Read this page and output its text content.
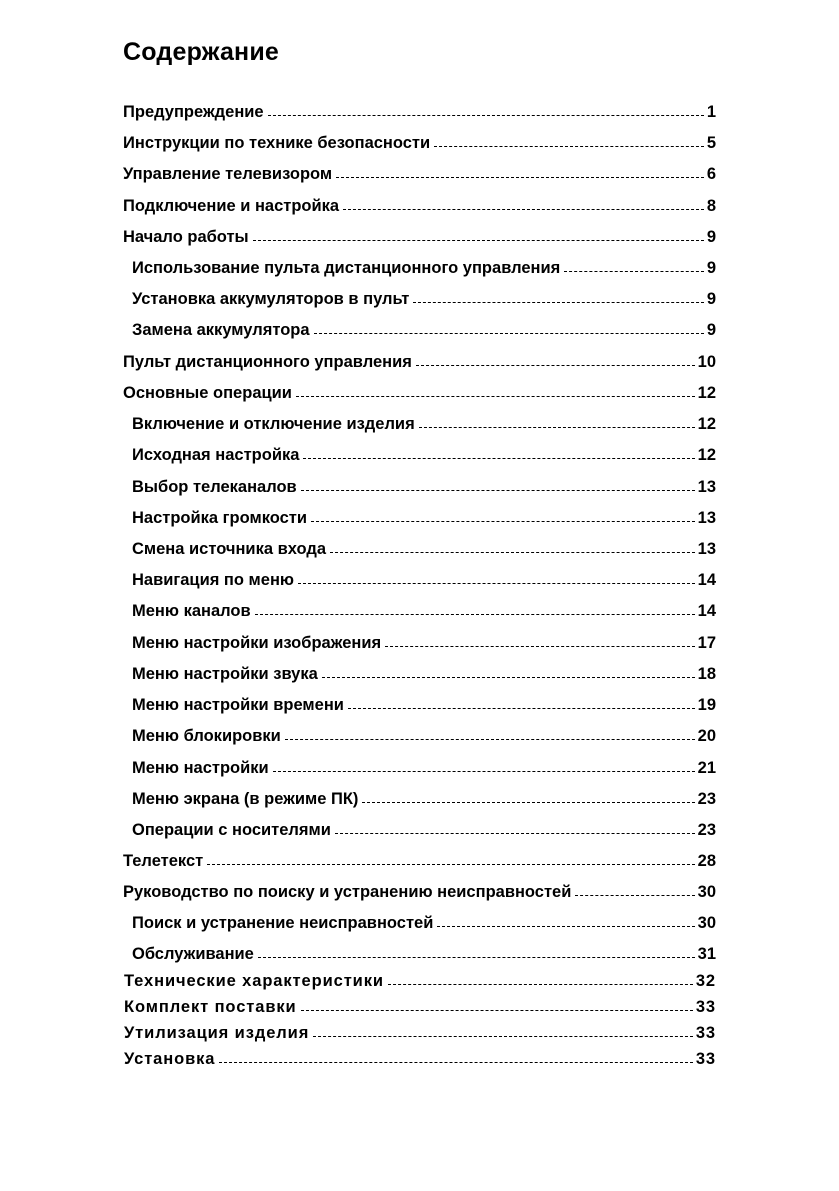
Содержание
Предупреждение	1
Инструкции по технике безопасности	5
Управление телевизором	6
Подключение и настройка	8
Начало работы	9
Использование пульта дистанционного управления	9
Установка аккумуляторов в пульт	9
Замена аккумулятора	9
Пульт дистанционного управления	10
Основные операции	12
Включение и отключение изделия	12
Исходная настройка	12
Выбор телеканалов	13
Настройка громкости	13
Смена источника входа	13
Навигация по меню	14
Меню каналов	14
Меню настройки изображения	17
Меню настройки звука	18
Меню настройки времени	19
Меню блокировки	20
Меню настройки	21
Меню экрана (в режиме ПК)	23
Операции с носителями	23
Телетекст	28
Руководство по поиску и устранению неисправностей	30
Поиск и устранение неисправностей	30
Обслуживание	31
Технические характеристики	32
Комплект поставки	33
Утилизация изделия	33
Установка	33
